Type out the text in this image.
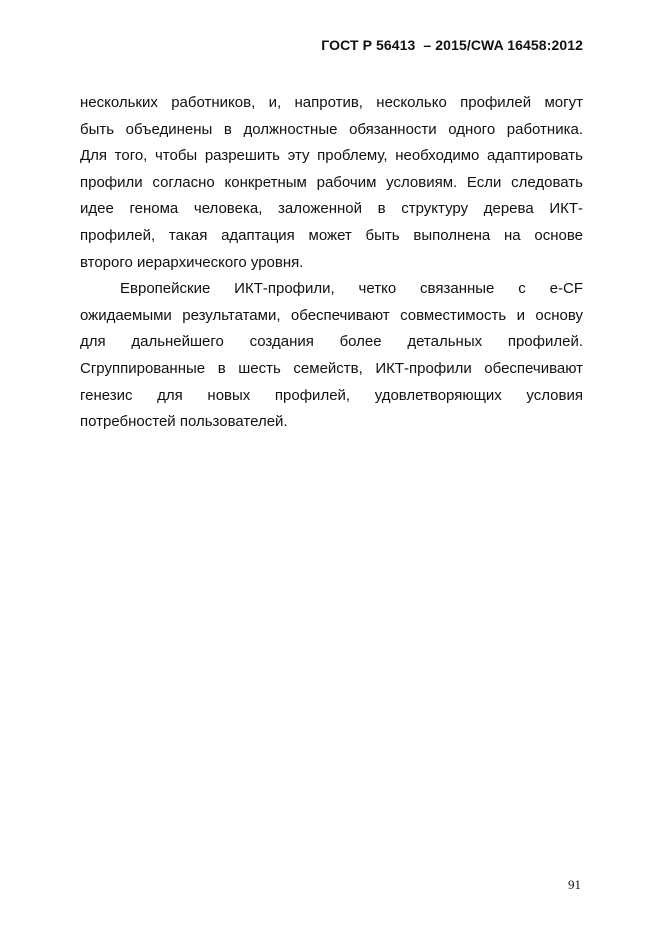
ГОСТ Р 56413  – 2015/CWA 16458:2012
нескольких работников, и, напротив, несколько профилей могут
быть объединены в должностные обязанности одного работника.
Для того, чтобы разрешить эту проблему, необходимо адаптировать
профили согласно конкретным рабочим условиям. Если следовать
идее генома человека, заложенной в структуру дерева ИКТ-
профилей, такая адаптация может быть выполнена на основе
второго иерархического уровня.
Европейские ИКТ-профили, четко связанные с e-CF
ожидаемыми результатами, обеспечивают совместимость и основу
для дальнейшего создания более детальных профилей.
Сгруппированные в шесть семейств, ИКТ-профили обеспечивают
генезис для новых профилей, удовлетворяющих условия
потребностей пользователей.
91
